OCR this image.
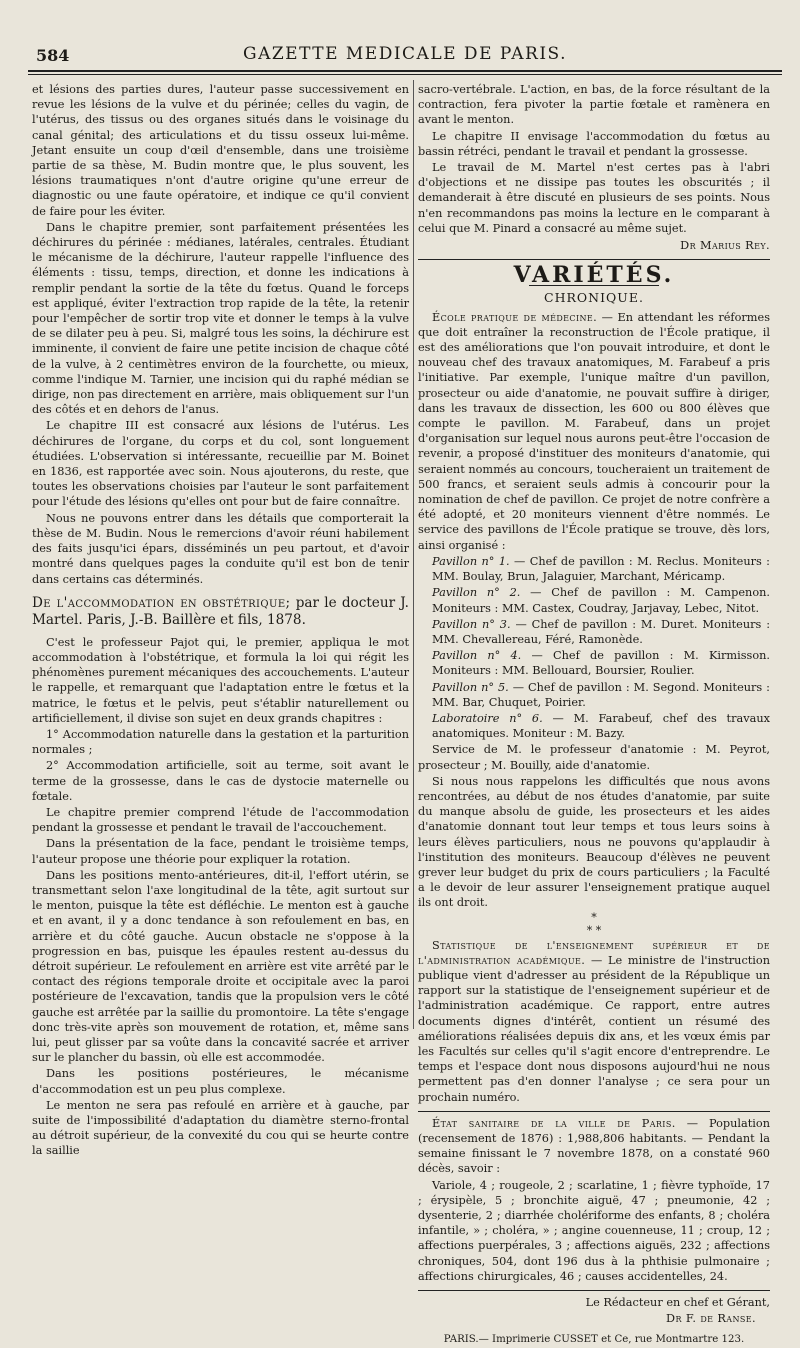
584	GAZETTE MEDICALE DE PARIS.

et lésions des parties dures, l'auteur passe successivement en revue les lésions de la vulve et du périnée; celles du vagin, de l'utérus, des tissus ou des organes situés dans le voisinage du canal génital; des articulations et du tissu osseux lui-même. Jetant ensuite un coup d'œil d'ensemble, dans une troisième partie de sa thèse, M. Budin montre que, le plus souvent, les lésions traumatiques n'ont d'autre origine qu'une erreur de diagnostic ou une faute opératoire, et indique ce qu'il convient de faire pour les éviter.

Dans le chapitre premier, sont parfaitement présentées les déchirures du périnée : médianes, latérales, centrales. Étudiant le mécanisme de la déchirure, l'auteur rappelle l'influence des éléments : tissu, temps, direction, et donne les indications à remplir pendant la sortie de la tête du fœtus. Quand le forceps est appliqué, éviter l'extraction trop rapide de la tête, la retenir pour l'empêcher de sortir trop vite et donner le temps à la vulve de se dilater peu à peu. Si, malgré tous les soins, la déchirure est imminente, il convient de faire une petite incision de chaque côté de la vulve, à 2 centimètres environ de la fourchette, ou mieux, comme l'indique M. Tarnier, une incision qui du raphé médian se dirige, non pas directement en arrière, mais obliquement sur l'un des côtés et en dehors de l'anus.

Le chapitre III est consacré aux lésions de l'utérus. Les déchirures de l'organe, du corps et du col, sont longuement étudiées. L'observation si intéressante, recueillie par M. Boinet en 1836, est rapportée avec soin. Nous ajouterons, du reste, que toutes les observations choisies par l'auteur le sont parfaitement pour l'étude des lésions qu'elles ont pour but de faire connaître.

Nous ne pouvons entrer dans les détails que comporterait la thèse de M. Budin. Nous le remercions d'avoir réuni habilement des faits jusqu'ici épars, disséminés un peu partout, et d'avoir montré dans quelques pages la conduite qu'il est bon de tenir dans certains cas déterminés.

De l'accommodation en obstétrique; par le docteur J. Martel. Paris, J.-B. Baillère et fils, 1878.

C'est le professeur Pajot qui, le premier, appliqua le mot accommodation à l'obstétrique, et formula la loi qui régit les phénomènes purement mécaniques des accouchements. L'auteur le rappelle, et remarquant que l'adaptation entre le fœtus et la matrice, le fœtus et le pelvis, peut s'établir naturellement ou artificiellement, il divise son sujet en deux grands chapitres :

1° Accommodation naturelle dans la gestation et la parturition normales ;

2° Accommodation artificielle, soit au terme, soit avant le terme de la grossesse, dans le cas de dystocie maternelle ou fœtale.

Le chapitre premier comprend l'étude de l'accommodation pendant la grossesse et pendant le travail de l'accouchement.

Dans la présentation de la face, pendant le troisième temps, l'auteur propose une théorie pour expliquer la rotation.

Dans les positions mento-antérieures, dit-il, l'effort utérin, se transmettant selon l'axe longitudinal de la tête, agit surtout sur le menton, puisque la tête est défléchie. Le menton est à gauche et en avant, il y a donc tendance à son refoulement en bas, en arrière et du côté gauche. Aucun obstacle ne s'oppose à la progression en bas, puisque les épaules restent au-dessus du détroit supérieur. Le refoulement en arrière est vite arrêté par le contact des régions temporale droite et occipitale avec la paroi postérieure de l'excavation, tandis que la propulsion vers le côté gauche est arrêtée par la saillie du promontoire. La tête s'engage donc très-vite après son mouvement de rotation, et, même sans lui, peut glisser par sa voûte dans la concavité sacrée et arriver sur le plancher du bassin, où elle est accommodée.

Dans les positions postérieures, le mécanisme d'accommodation est un peu plus complexe.

Le menton ne sera pas refoulé en arrière et à gauche, par suite de l'impossibilité d'adaptation du diamètre sterno-frontal au détroit supérieur, de la convexité du cou qui se heurte contre la saillie

sacro-vertébrale. L'action, en bas, de la force résultant de la contraction, fera pivoter la partie fœtale et ramènera en avant le menton.

Le chapitre II envisage l'accommodation du fœtus au bassin rétréci, pendant le travail et pendant la grossesse.

Le travail de M. Martel n'est certes pas à l'abri d'objections et ne dissipe pas toutes les obscurités ; il demanderait à être discuté en plusieurs de ses points. Nous n'en recommandons pas moins la lecture en le comparant à celui que M. Pinard a consacré au même sujet.

Dr Marius Rey.

VARIÉTÉS.

CHRONIQUE.

École pratique de médecine. — En attendant les réformes que doit entraîner la reconstruction de l'École pratique, il est des améliorations que l'on pouvait introduire, et dont le nouveau chef des travaux anatomiques, M. Farabeuf a pris l'initiative. Par exemple, l'unique maître d'un pavillon, prosecteur ou aide d'anatomie, ne pouvait suffire à diriger, dans les travaux de dissection, les 600 ou 800 élèves que compte le pavillon. M. Farabeuf, dans un projet d'organisation sur lequel nous aurons peut-être l'occasion de revenir, a proposé d'instituer des moniteurs d'anatomie, qui seraient nommés au concours, toucheraient un traitement de 500 francs, et seraient seuls admis à concourir pour la nomination de chef de pavillon. Ce projet de notre confrère a été adopté, et 20 moniteurs viennent d'être nommés. Le service des pavillons de l'École pratique se trouve, dès lors, ainsi organisé :

Pavillon n° 1. — Chef de pavillon : M. Reclus. Moniteurs : MM. Boulay, Brun, Jalaguier, Marchant, Méricamp.

Pavillon n° 2. — Chef de pavillon : M. Campenon. Moniteurs : MM. Castex, Coudray, Jarjavay, Lebec, Nitot.

Pavillon n° 3. — Chef de pavillon : M. Duret. Moniteurs : MM. Chevallereau, Féré, Ramonède.

Pavillon n° 4. — Chef de pavillon : M. Kirmisson. Moniteurs : MM. Bellouard, Boursier, Roulier.

Pavillon n° 5. — Chef de pavillon : M. Segond. Moniteurs : MM. Bar, Chuquet, Poirier.

Laboratoire n° 6. — M. Farabeuf, chef des travaux anatomiques. Moniteur : M. Bazy.

Service de M. le professeur d'anatomie : M. Peyrot, prosecteur ; M. Bouilly, aide d'anatomie.

Si nous nous rappelons les difficultés que nous avons rencontrées, au début de nos études d'anatomie, par suite du manque absolu de guide, les prosecteurs et les aides d'anatomie donnant tout leur temps et tous leurs soins à leurs élèves particuliers, nous ne pouvons qu'applaudir à l'institution des moniteurs. Beaucoup d'élèves ne peuvent grever leur budget du prix de cours particuliers ; la Faculté a le devoir de leur assurer l'enseignement pratique auquel ils ont droit.

*

* *

Statistique de l'enseignement supérieur et de l'administration académique. — Le ministre de l'instruction publique vient d'adresser au président de la République un rapport sur la statistique de l'enseignement supérieur et de l'administration académique. Ce rapport, entre autres documents dignes d'intérêt, contient un résumé des améliorations réalisées depuis dix ans, et les vœux émis par les Facultés sur celles qu'il s'agit encore d'entreprendre. Le temps et l'espace dont nous disposons aujourd'hui ne nous permettent pas d'en donner l'analyse ; ce sera pour un prochain numéro.

État sanitaire de la ville de Paris. — Population (recensement de 1876) : 1,988,806 habitants. — Pendant la semaine finissant le 7 novembre 1878, on a constaté 960 décès, savoir :

Variole, 4 ; rougeole, 2 ; scarlatine, 1 ; fièvre typhoïde, 17 ; érysipèle, 5 ; bronchite aiguë, 47 ; pneumonie, 42 ; dysenterie, 2 ; diarrhée cholériforme des enfants, 8 ; choléra infantile, » ; choléra, » ; angine couenneuse, 11 ; croup, 12 ; affections puerpérales, 3 ; affections aiguës, 232 ; affections chroniques, 504, dont 196 dus à la phthisie pulmonaire ; affections chirurgicales, 46 ; causes accidentelles, 24.

Le Rédacteur en chef et Gérant,

Dr F. de Ranse.

PARIS.— Imprimerie CUSSET et Ce, rue Montmartre 123.
